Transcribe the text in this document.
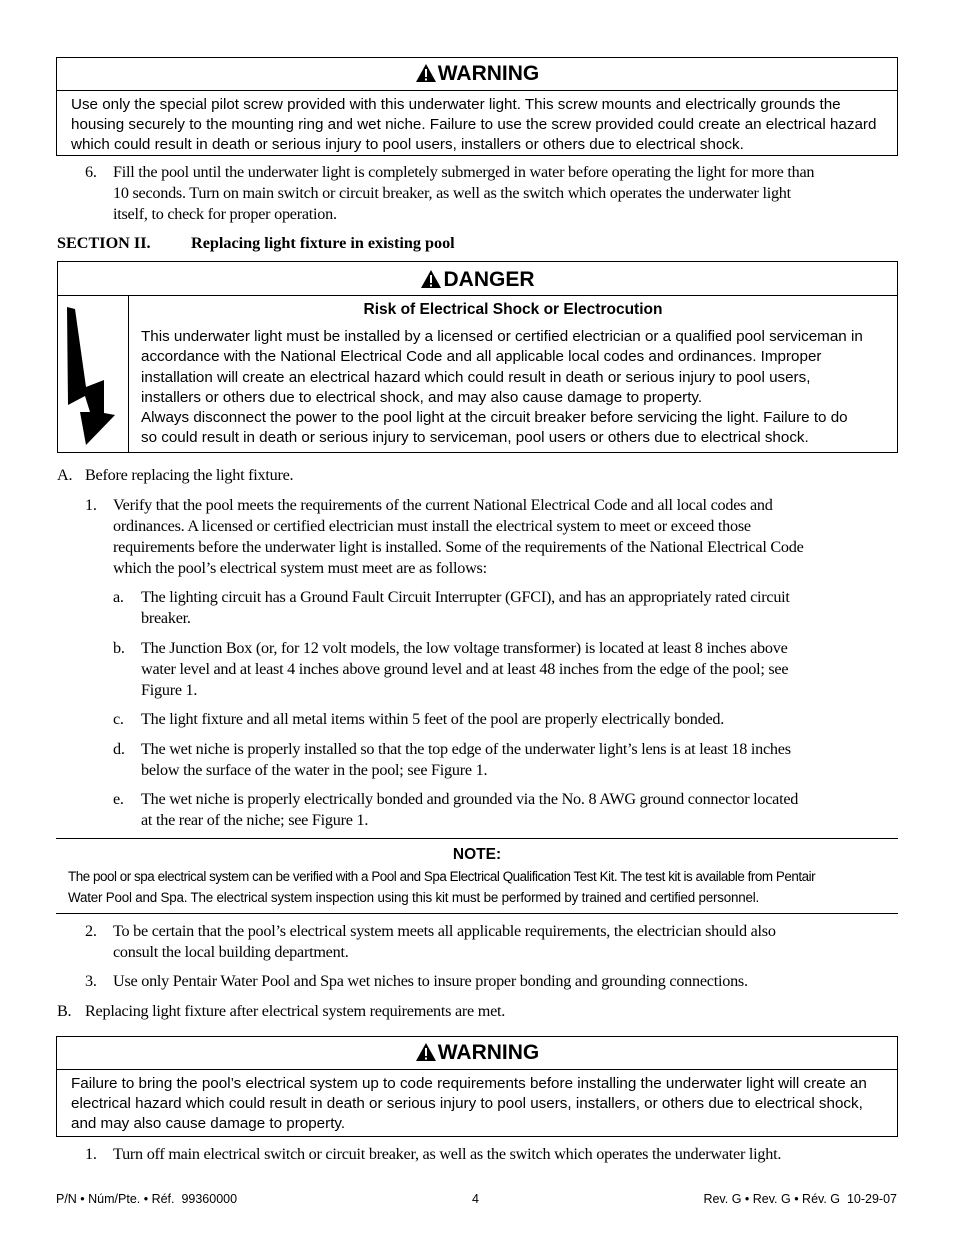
WARNING
Use only the special pilot screw provided with this underwater light. This screw mounts and electrically grounds the
housing securely to the mounting ring and wet niche. Failure to use the screw provided could create an electrical hazard
which could result in death or serious injury to pool users, installers or others due to electrical shock.
6. Fill the pool until the underwater light is completely submerged in water before operating the light for more than
10 seconds. Turn on main switch or circuit breaker, as well as the switch which operates the underwater light
itself, to check for proper operation.
SECTION II. Replacing light fixture in existing pool
DANGER
Risk of Electrical Shock or Electrocution
This underwater light must be installed by a licensed or certified electrician or a qualified pool serviceman in
accordance with the National Electrical Code and all applicable local codes and ordinances. Improper
installation will create an electrical hazard which could result in death or serious injury to pool users,
installers or others due to electrical shock, and may also cause damage to property.
Always disconnect the power to the pool light at the circuit breaker before servicing the light. Failure to do
so could result in death or serious injury to serviceman, pool users or others due to electrical shock.
A. Before replacing the light fixture.
1. Verify that the pool meets the requirements of the current National Electrical Code and all local codes and
ordinances. A licensed or certified electrician must install the electrical system to meet or exceed those
requirements before the underwater light is installed. Some of the requirements of the National Electrical Code
which the pool’s electrical system must meet are as follows:
a. The lighting circuit has a Ground Fault Circuit Interrupter (GFCI), and has an appropriately rated circuit
breaker.
b. The Junction Box (or, for 12 volt models, the low voltage transformer) is located at least 8 inches above
water level and at least 4 inches above ground level and at least 48 inches from the edge of the pool; see
Figure 1.
c. The light fixture and all metal items within 5 feet of the pool are properly electrically bonded.
d. The wet niche is properly installed so that the top edge of the underwater light’s lens is at least 18 inches
below the surface of the water in the pool; see Figure 1.
e. The wet niche is properly electrically bonded and grounded via the No. 8 AWG ground connector located
at the rear of the niche; see Figure 1.
NOTE:
The pool or spa electrical system can be verified with a Pool and Spa Electrical Qualification Test Kit. The test kit is available from Pentair
Water Pool and Spa. The electrical system inspection using this kit must be performed by trained and certified personnel.
2. To be certain that the pool’s electrical system meets all applicable requirements, the electrician should also
consult the local building department.
3. Use only Pentair Water Pool and Spa wet niches to insure proper bonding and grounding connections.
B. Replacing light fixture after electrical system requirements are met.
WARNING
Failure to bring the pool’s electrical system up to code requirements before installing the underwater light will create an
electrical hazard which could result in death or serious injury to pool users, installers, or others due to electrical shock,
and may also cause damage to property.
1. Turn off main electrical switch or circuit breaker, as well as the switch which operates the underwater light.
P/N • Núm/Pte. • Réf.  99360000	4	Rev. G • Rev. G • Rév. G  10-29-07
